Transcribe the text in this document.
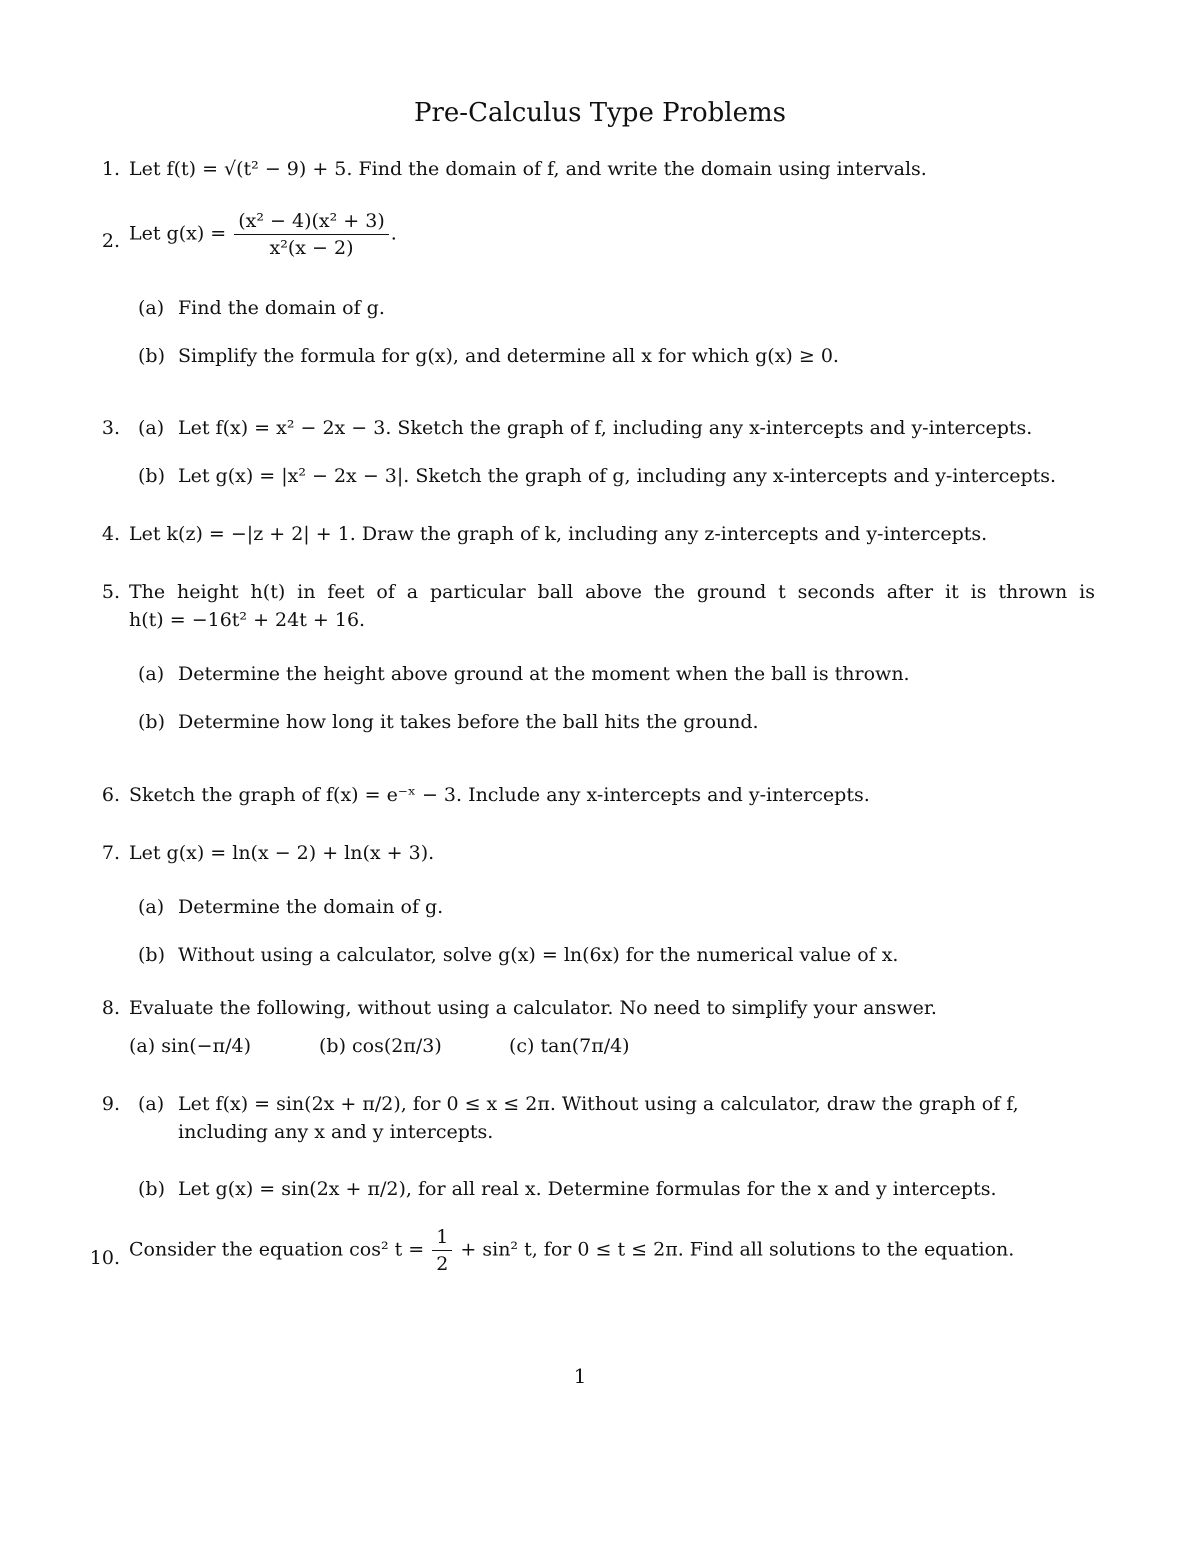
Pre-Calculus Type Problems
1. Let f(t) = √(t² − 9) + 5. Find the domain of f, and write the domain using intervals.
2. Let $g(x) = \frac{\text{(x² − 4)(x² + 3)}}{\text{x²(x − 2)}}$ .
(a) Find the domain of g.
(b) Simplify the formula for g(x), and determine all x for which g(x) ≥ 0.
3. (a) Let f(x) = x² − 2x − 3. Sketch the graph of f, including any x-intercepts and y-intercepts.
(b) Let g(x) = |x² − 2x − 3|. Sketch the graph of g, including any x-intercepts and y-intercepts.
4. Let k(z) = −|z + 2| + 1. Draw the graph of k, including any z-intercepts and y-intercepts.
5. The height h(t) in feet of a particular ball above the ground t seconds after it is thrown is
h(t) = −16t² + 24t + 16.
(a) Determine the height above ground at the moment when the ball is thrown.
(b) Determine how long it takes before the ball hits the ground.
6. Sketch the graph of f(x) = e⁻ˣ − 3. Include any x-intercepts and y-intercepts.
7. Let g(x) = ln(x − 2) + ln(x + 3).
(a) Determine the domain of g.
(b) Without using a calculator, solve g(x) = ln(6x) for the numerical value of x.
8. Evaluate the following, without using a calculator. No need to simplify your answer.
(a) sin(−π/4)	(b) cos(2π/3)	(c) tan(7π/4)
9. (a) Let f(x) = sin(2x + π/2), for 0 ≤ x ≤ 2π. Without using a calculator, draw the graph of f,
including any x and y intercepts.
(b) Let g(x) = sin(2x + π/2), for all real x. Determine formulas for the x and y intercepts.
10. Consider the equation cos² $t = \frac{1}{2} + \sin^2$ t, for 0 ≤ t ≤ 2π. Find all solutions to the equation.
1
